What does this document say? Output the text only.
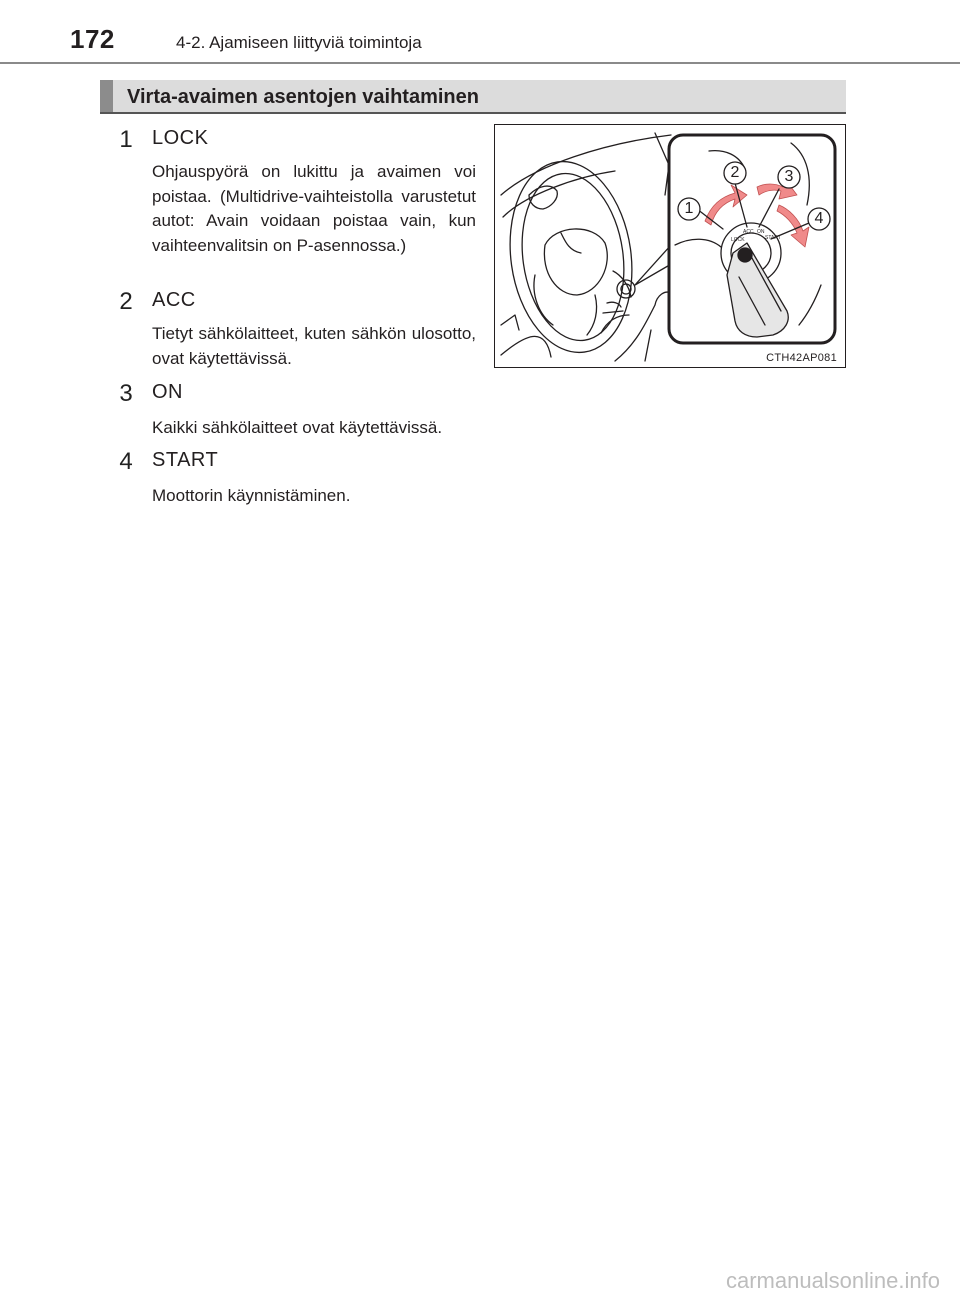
172	4-2. Ajamiseen liittyviä toimintoja
Virta-avaimen asentojen vaihtaminen
1 LOCK
Ohjauspyörä on lukittu ja avaimen voi poistaa. (Multidrive-vaihteistolla varustetut autot: Avain voidaan poistaa vain, kun vaihteenvalitsin on P-asennossa.)
2 ACC
Tietyt sähkölaitteet, kuten sähkön ulosotto, ovat käytettävissä.
3 ON
Kaikki sähkölaitteet ovat käytettävissä.
4 START
Moottorin käynnistäminen.
LOCK
ACC ON
START
1
2	3
4
CTH42AP081
carmanualsonline.info
